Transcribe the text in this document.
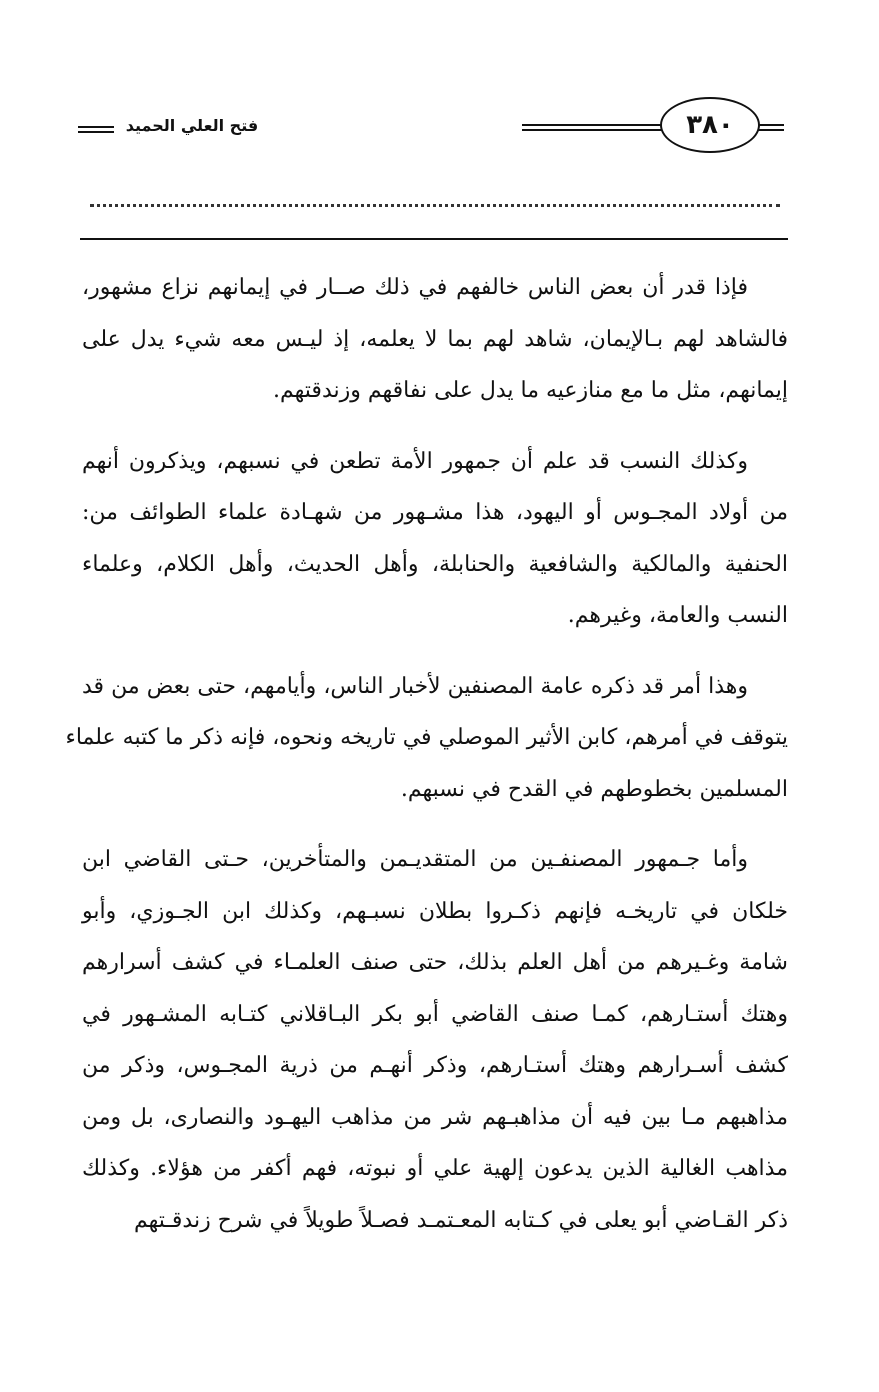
فتح العلي الحميد	٣٨٠

فإذا قدر أن بعض الناس خالفهم في ذلك صــار في إيمانهم نزاع مشهور،
فالشاهد لهم بـالإيمان، شاهد لهم بما لا يعلمه، إذ ليـس معه شيء يدل على
إيمانهم، مثل ما مع منازعيه ما يدل على نفاقهم وزندقتهم.

وكذلك النسب قد علم أن جمهور الأمة تطعن في نسبهم، ويذكرون أنهم
من أولاد المجـوس أو اليهود، هذا مشـهور من شهـادة علماء الطوائف من:
الحنفية والمالكية والشافعية والحنابلة، وأهل الحديث، وأهل الكلام، وعلماء
النسب والعامة، وغيرهم.

وهذا أمر قد ذكره عامة المصنفين لأخبار الناس، وأيامهم، حتى بعض من قد
يتوقف في أمرهم، كابن الأثير الموصلي في تاريخه ونحوه، فإنه ذكر ما كتبه علماء
المسلمين بخطوطهم في القدح في نسبهم.

وأما جـمهور المصنفـين من المتقديـمن والمتأخرين، حـتى القاضي ابن
خلكان في تاريخـه فإنهم ذكـروا بطلان نسبـهم، وكذلك ابن الجـوزي، وأبو
شامة وغـيرهم من أهل العلم بذلك، حتى صنف العلمـاء في كشف أسرارهم
وهتك أستـارهم، كمـا صنف القاضي أبو بكر البـاقلاني كتـابه المشـهور في
كشف أسـرارهم وهتك أستـارهم، وذكر أنهـم من ذرية المجـوس، وذكر من
مذاهبهم مـا بين فيه أن مذاهبـهم شر من مذاهب اليهـود والنصارى، بل ومن
مذاهب الغالية الذين يدعون إلهية علي أو نبوته، فهم أكفر من هؤلاء. وكذلك
ذكر القـاضي أبو يعلى في كـتابه المعـتمـد فصـلاً طويلاً في شرح زندقـتهم
